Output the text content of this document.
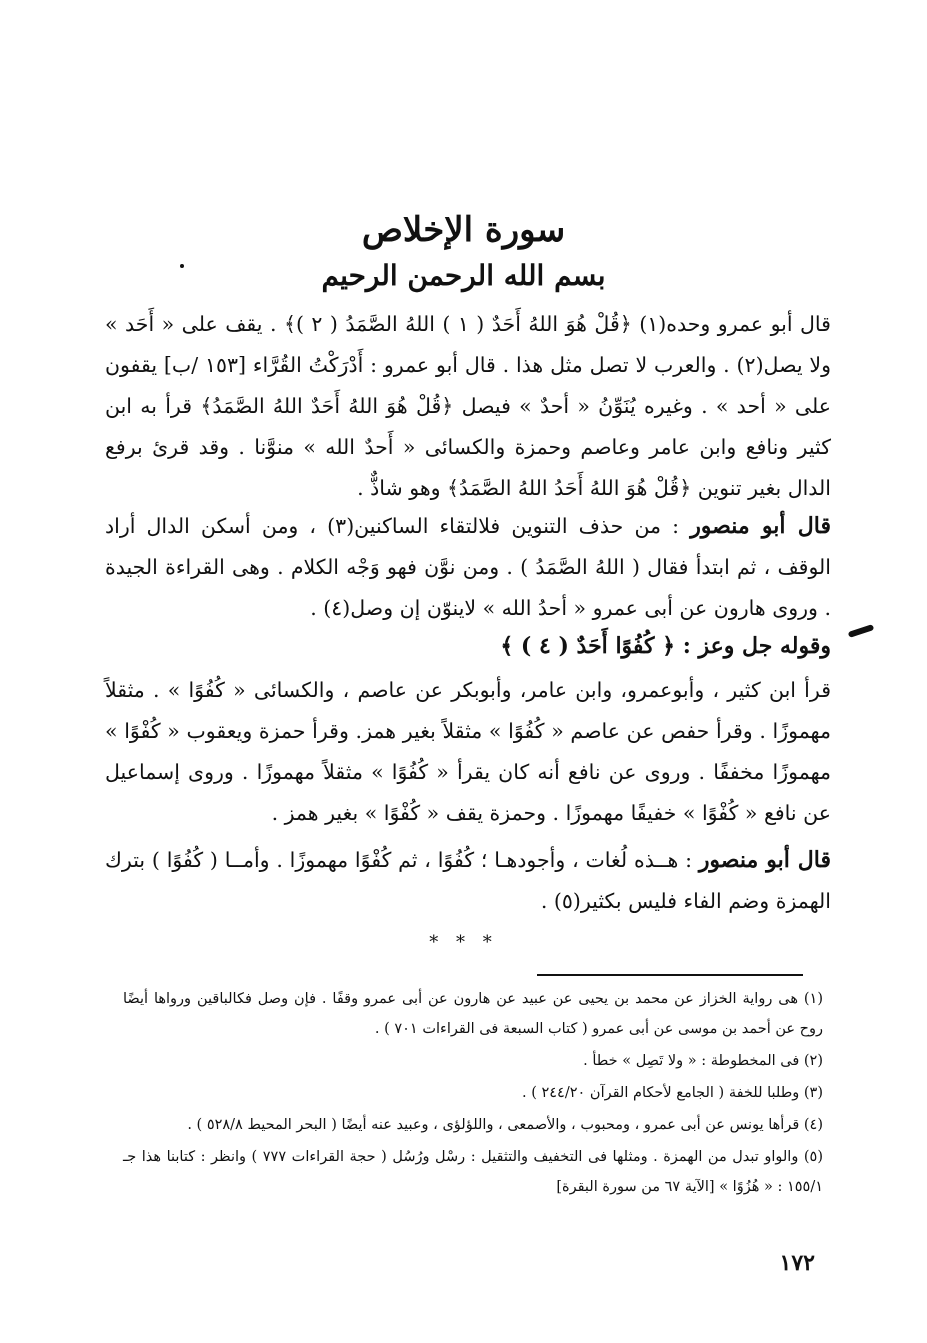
سورة الإخلاص
بسم الله الرحمن الرحيم

قال أبو عمرو وحده(١) ﴿قُلْ هُوَ اللهُ أَحَدٌ ( ١ ) اللهُ الصَّمَدُ ( ٢ )﴾ . يقف على « أَحَد » ولا يصل(٢) . والعرب لا تصل مثل هذا . قال أبو عمرو : أَدْرَكْتُ القُرَّاء [١٥٣ /ب] يقفون على « أحد » . وغيره يُنَوِّنُ « أحدٌ » فيصل ﴿قُلْ هُوَ اللهُ أَحَدٌ اللهُ الصَّمَدُ﴾ قرأ به ابن كثير ونافع وابن عامر وعاصم وحمزة والكسائى « أَحدٌ الله » منوَّنا . وقد قرئ برفع الدال بغير تنوين ﴿قُلْ هُوَ اللهُ أَحَدُ اللهُ الصَّمَدُ﴾ وهو شاذٌّ .

قال أبو منصور : من حذف التنوين فلالتقاء الساكنين(٣) ، ومن أسكن الدال أراد الوقف ، ثم ابتدأ فقال ( اللهُ الصَّمَدُ ) . ومن نوَّن فهو وَجْه الكلام . وهى القراءة الجيدة . وروى هارون عن أبى عمرو « أحدُ الله » لاينوّن إن وصل(٤) .

وقوله جل وعز : ﴿ كُفُوًا أَحَدٌ ( ٤ ) ﴾

قرأ ابن كثير ، وأبوعمرو، وابن عامر، وأبوبكر عن عاصم ، والكسائى « كُفُوًا » . مثقلاً مهموزًا . وقرأ حفص عن عاصم « كُفُوًا » مثقلاً بغير همز. وقرأ حمزة ويعقوب « كُفْوًا » مهموزًا مخففًا . وروى عن نافع أنه كان يقرأ « كُفُوًا » مثقلاً مهموزًا . وروى إسماعيل عن نافع « كُفْوًا » خفيفًا مهموزًا . وحمزة يقف « كُفْوًا » بغير همز .

قال أبو منصور : هــذه لُغات ، وأجودهـا ؛ كُفُوًا ، ثم كُفْوًا مهموزًا . وأمــا ( كُفُوًا ) بترك الهمزة وضم الفاء فليس بكثير(٥) .

* * *

(١) هى رواية الخزاز عن محمد بن يحيى عن عبيد عن هارون عن أبى عمرو وقفًا . فإن وصل فكالباقين ورواها أيضًا روح عن أحمد بن موسى عن أبى عمرو ( كتاب السبعة فى القراءات ٧٠١ ) .
(٢) فى المخطوطة : « ولا تَصِل » خطأ .
(٣) وطلبا للخفة ( الجامع لأحكام القرآن ٢٤٤/٢٠ ) .
(٤) قرأها يونس عن أبى عمرو ، ومحبوب ، والأصمعى ، واللؤلؤى ، وعبيد عنه أيضًا ( البحر المحيط ٥٢٨/٨ ) .
(٥) والواو تبدل من الهمزة . ومثلها فى التخفيف والتثقيل : رسْل ورُسُل ( حجة القراءات ٧٧٧ ) وانظر : كتابنا هذا جـ ١٥٥/١ : « هُزُوًا » [الآية ٦٧ من سورة البقرة]

١٧٢
